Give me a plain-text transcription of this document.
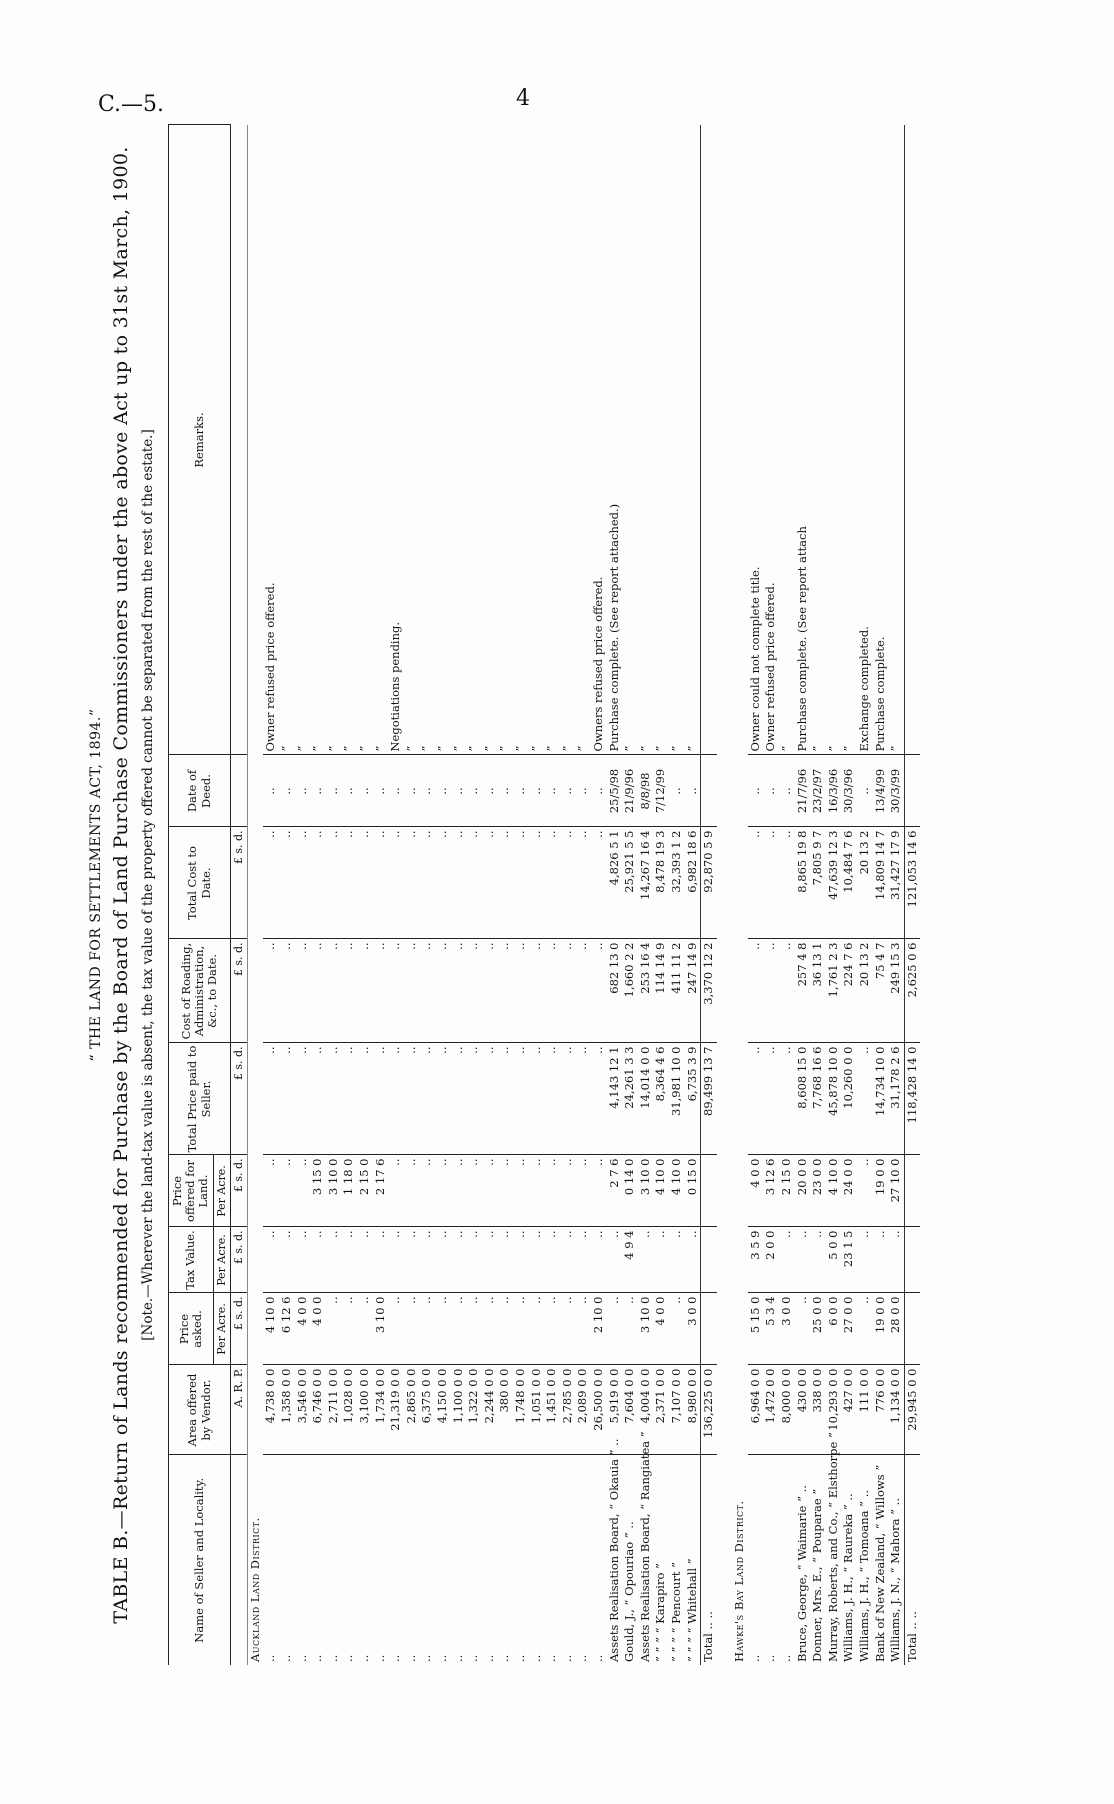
C.—5.	4
“ THE LAND FOR SETTLEMENTS ACT, 1894.” TABLE B.—Return of Lands recommended for Purchase by the Board of Land Purchase Commissioners under the above Act up to 31st March, 1900. [Note.—Wherever the land-tax value is absent, the tax value of the property offered cannot be separated from the rest of the estate.]
Name of Seller and Locality.	Area offered by Vendor.	Price asked.	Tax Value.	Price offered for Land.	Total Price paid to Seller.	Cost of Roading, Administration, &c., to Date.	Total Cost to Date.	Date of Deed.	Remarks.
		Per Acre.	Per Acre.	Per Acre.					
	A. R. P.	£ s. d.	£ s. d.	£ s. d.	£ s. d.	£ s. d.	£ s. d.		
Auckland Land District.									
..	4,738 0 0	4 10 0	..	..	..	..	..	..	Owner refused price offered.
..	1,358 0 0	6 12 6	..	..	..	..	..	..	”
..	3,546 0 0	4 0 0	..	..	..	..	..	..	”
..	6,746 0 0	4 0 0	..	3 15 0	..	..	..	..	”
..	2,711 0 0	..	..	3 10 0	..	..	..	..	”
..	1,028 0 0	..	..	1 18 0	..	..	..	..	”
..	3,100 0 0	..	..	2 15 0	..	..	..	..	”
..	1,734 0 0	3 10 0	..	2 17 6	..	..	..	..	”
..	21,319 0 0	..	..	..	..	..	..	..	Negotiations pending.
..	2,865 0 0	..	..	..	..	..	..	..	”
..	6,375 0 0	..	..	..	..	..	..	..	”
..	4,150 0 0	..	..	..	..	..	..	..	”
..	1,100 0 0	..	..	..	..	..	..	..	”
..	1,322 0 0	..	..	..	..	..	..	..	”
..	2,244 0 0	..	..	..	..	..	..	..	”
..	380 0 0	..	..	..	..	..	..	..	”
..	1,748 0 0	..	..	..	..	..	..	..	”
..	1,051 0 0	..	..	..	..	..	..	..	”
..	1,451 0 0	..	..	..	..	..	..	..	”
..	2,785 0 0	..	..	..	..	..	..	..	”
..	2,089 0 0	..	..	..	..	..	..	..	”
..	26,500 0 0	2 10 0	..	..	..	..	..	..	Owners refused price offered.
Assets Realisation Board, “ Okauia ” ..	5,919 0 0	..	..	2 7 6	4,143 12 1	682 13 0	4,826 5 1	25/5/98	Purchase complete. (See report attached.)
Gould, J., “ Opouriao ” ..	7,604 0 0	..	4 9 4	0 14 0	24,261 3 3	1,660 2 2	25,921 5 5	21/9/96	”
Assets Realisation Board, “ Rangiatea ”	4,004 0 0	3 10 0	..	3 10 0	14,014 0 0	253 16 4	14,267 16 4	8/8/98	”
” ” ” “ Karapiro ”	2,371 0 0	4 0 0	..	4 10 0	8,364 4 6	114 14 9	8,478 19 3	7/12/99	”
” ” ” “ Pencourt ”	7,107 0 0	..	..	4 10 0	31,981 10 0	411 11 2	32,393 1 2	..	”
” ” ” “ Whitehall ”	8,980 0 0	3 0 0	..	0 15 0	6,735 3 9	247 14 9	6,982 18 6	..	”
Total .. ..	136,225 0 0				89,499 13 7	3,370 12 2	92,870 5 9		

Hawke's Bay Land District.									
..	6,964 0 0	5 15 0	3 5 9	4 0 0	..	..	..	..	Owner could not complete title.
..	1,472 0 0	5 3 4	2 0 0	3 12 6	..	..	..	..	Owner refused price offered.
..	8,000 0 0	3 0 0	..	2 15 0	..	..	..	..	”
Bruce, George, “ Waimarie ” ..	430 0 0	..	..	20 0 0	8,608 15 0	257 4 8	8,865 19 8	21/7/96	Purchase complete. (See report attach
Donner, Mrs. E., “ Pouparae ”	338 0 0	25 0 0	..	23 0 0	7,768 16 6	36 13 1	7,805 9 7	23/2/97	”
Murray, Roberts, and Co., “ Elsthorpe ”	10,293 0 0	6 0 0	5 0 0	4 10 0	45,878 10 0	1,761 2 3	47,639 12 3	16/3/96	”
Williams, J. H., “ Raureka ” ..	427 0 0	27 0 0	23 1 5	24 0 0	10,260 0 0	224 7 6	10,484 7 6	30/3/96	”
Williams, J. H., “ Tomoana ” ..	111 0 0	..	..	..	..	20 13 2	20 13 2	..	Exchange completed.
Bank of New Zealand, “ Willows ”	776 0 0	19 0 0	..	19 0 0	14,734 10 0	75 4 7	14,809 14 7	13/4/99	Purchase complete.
Williams, J. N., “ Mahora ” ..	1,134 0 0	28 0 0	..	27 10 0	31,178 2 6	249 15 3	31,427 17 9	30/3/99	”
Total .. ..	29,945 0 0				118,428 14 0	2,625 0 6	121,053 14 6		
